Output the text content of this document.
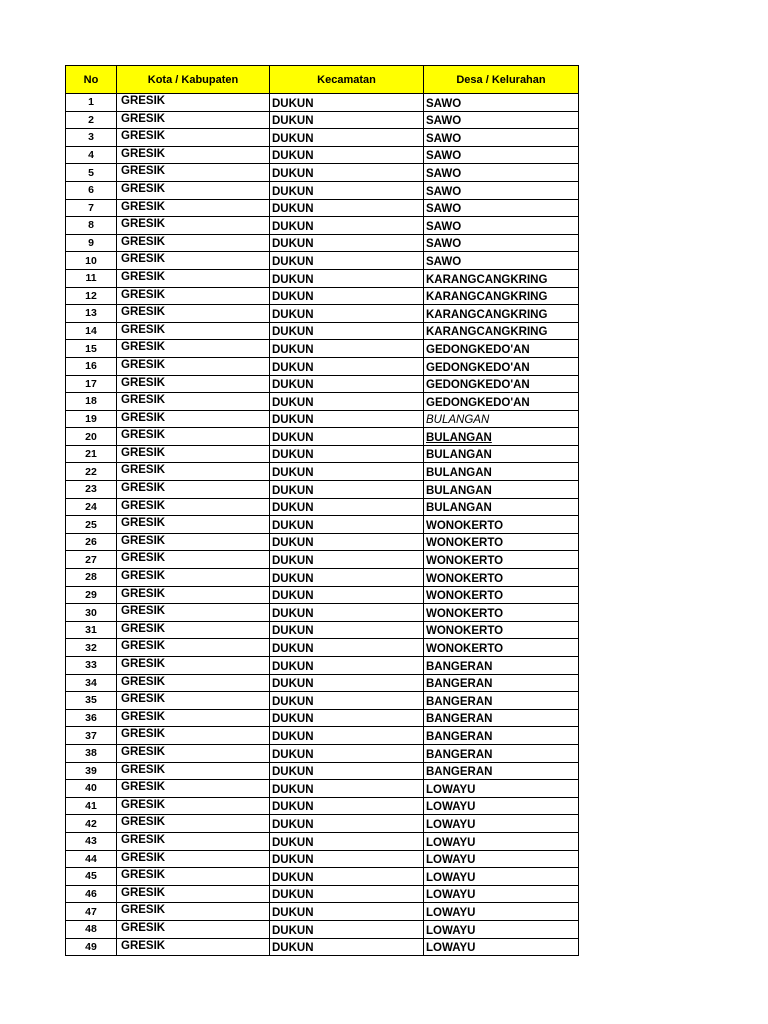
No	Kota / Kabupaten	Kecamatan	Desa / Kelurahan
1	GRESIK	DUKUN	SAWO
2	GRESIK	DUKUN	SAWO
3	GRESIK	DUKUN	SAWO
4	GRESIK	DUKUN	SAWO
5	GRESIK	DUKUN	SAWO
6	GRESIK	DUKUN	SAWO
7	GRESIK	DUKUN	SAWO
8	GRESIK	DUKUN	SAWO
9	GRESIK	DUKUN	SAWO
10	GRESIK	DUKUN	SAWO
11	GRESIK	DUKUN	KARANGCANGKRING
12	GRESIK	DUKUN	KARANGCANGKRING
13	GRESIK	DUKUN	KARANGCANGKRING
14	GRESIK	DUKUN	KARANGCANGKRING
15	GRESIK	DUKUN	GEDONGKEDO'AN
16	GRESIK	DUKUN	GEDONGKEDO'AN
17	GRESIK	DUKUN	GEDONGKEDO'AN
18	GRESIK	DUKUN	GEDONGKEDO'AN
19	GRESIK	DUKUN	BULANGAN
20	GRESIK	DUKUN	BULANGAN
21	GRESIK	DUKUN	BULANGAN
22	GRESIK	DUKUN	BULANGAN
23	GRESIK	DUKUN	BULANGAN
24	GRESIK	DUKUN	BULANGAN
25	GRESIK	DUKUN	WONOKERTO
26	GRESIK	DUKUN	WONOKERTO
27	GRESIK	DUKUN	WONOKERTO
28	GRESIK	DUKUN	WONOKERTO
29	GRESIK	DUKUN	WONOKERTO
30	GRESIK	DUKUN	WONOKERTO
31	GRESIK	DUKUN	WONOKERTO
32	GRESIK	DUKUN	WONOKERTO
33	GRESIK	DUKUN	BANGERAN
34	GRESIK	DUKUN	BANGERAN
35	GRESIK	DUKUN	BANGERAN
36	GRESIK	DUKUN	BANGERAN
37	GRESIK	DUKUN	BANGERAN
38	GRESIK	DUKUN	BANGERAN
39	GRESIK	DUKUN	BANGERAN
40	GRESIK	DUKUN	LOWAYU
41	GRESIK	DUKUN	LOWAYU
42	GRESIK	DUKUN	LOWAYU
43	GRESIK	DUKUN	LOWAYU
44	GRESIK	DUKUN	LOWAYU
45	GRESIK	DUKUN	LOWAYU
46	GRESIK	DUKUN	LOWAYU
47	GRESIK	DUKUN	LOWAYU
48	GRESIK	DUKUN	LOWAYU
49	GRESIK	DUKUN	LOWAYU
